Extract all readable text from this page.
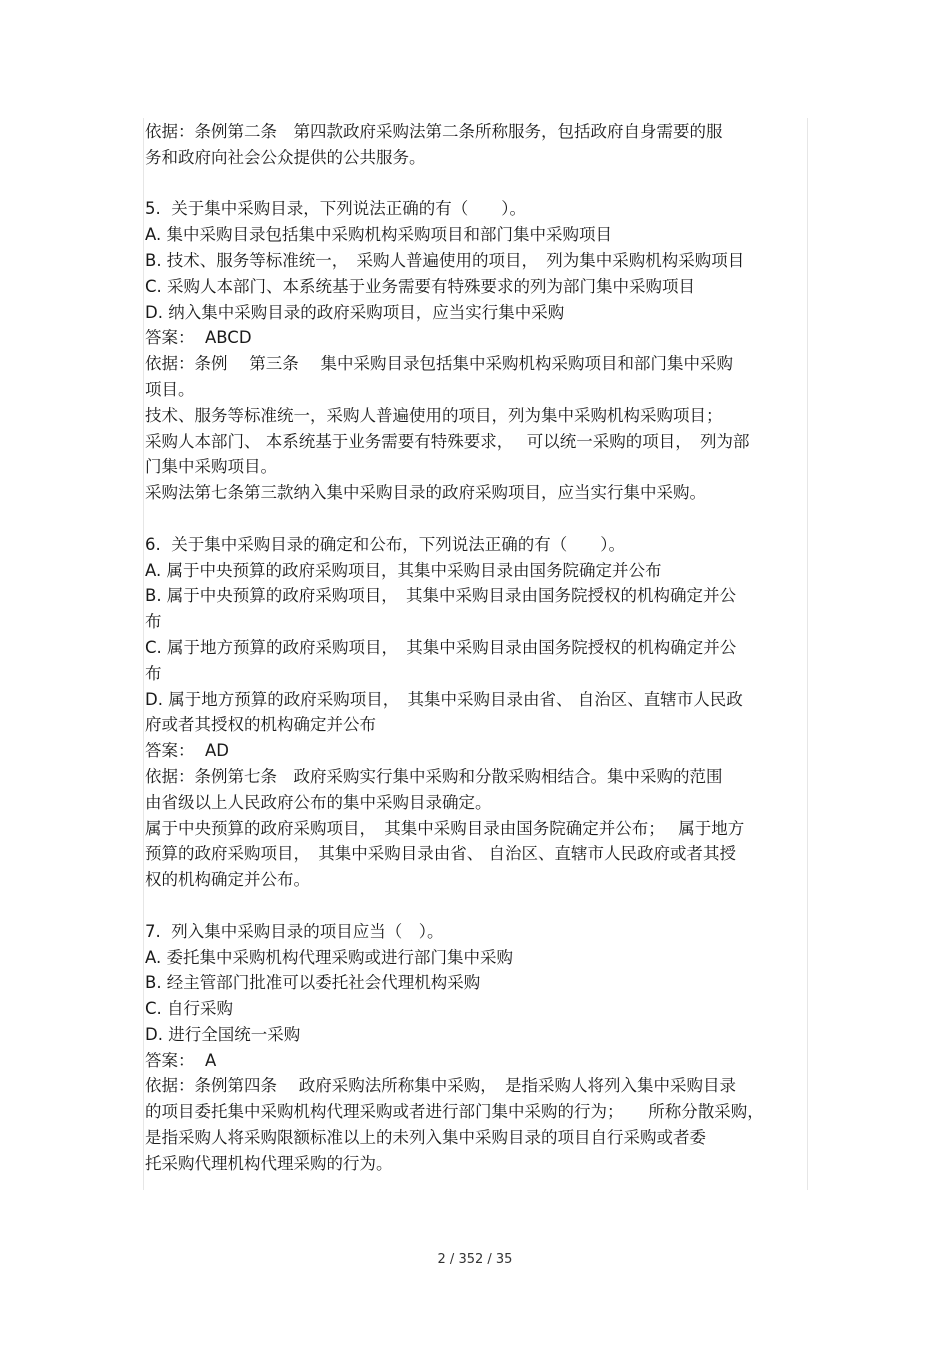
依据：条例第二条　第四款政府采购法第二条所称服务，包括政府自身需要的服
务和政府向社会公众提供的公共服务。
5.  关于集中采购目录，下列说法正确的有（　　）。
A. 集中采购目录包括集中采购机构采购项目和部门集中采购项目
B. 技术、服务等标准统一，　采购人普遍使用的项目，　列为集中采购机构采购项目
C. 采购人本部门、本系统基于业务需要有特殊要求的列为部门集中采购项目
D. 纳入集中采购目录的政府采购项目，应当实行集中采购
答案：  ABCD
依据：条例　 第三条　 集中采购目录包括集中采购机构采购项目和部门集中采购
项目。
技术、服务等标准统一，采购人普遍使用的项目，列为集中采购机构采购项目；
采购人本部门、 本系统基于业务需要有特殊要求，　 可以统一采购的项目，　列为部
门集中采购项目。
采购法第七条第三款纳入集中采购目录的政府采购项目，应当实行集中采购。
6.  关于集中采购目录的确定和公布，下列说法正确的有（　　）。
A. 属于中央预算的政府采购项目，其集中采购目录由国务院确定并公布
B. 属于中央预算的政府采购项目，　其集中采购目录由国务院授权的机构确定并公
布
C. 属于地方预算的政府采购项目，　其集中采购目录由国务院授权的机构确定并公
布
D. 属于地方预算的政府采购项目，　其集中采购目录由省、 自治区、直辖市人民政
府或者其授权的机构确定并公布
答案：  AD
依据：条例第七条　政府采购实行集中采购和分散采购相结合。集中采购的范围
由省级以上人民政府公布的集中采购目录确定。
属于中央预算的政府采购项目，　其集中采购目录由国务院确定并公布；　 属于地方
预算的政府采购项目，　其集中采购目录由省、 自治区、直辖市人民政府或者其授
权的机构确定并公布。
7.  列入集中采购目录的项目应当（　）。
A. 委托集中采购机构代理采购或进行部门集中采购
B. 经主管部门批准可以委托社会代理机构采购
C. 自行采购
D. 进行全国统一采购
答案：  A
依据：条例第四条　 政府采购法所称集中采购，　是指采购人将列入集中采购目录
的项目委托集中采购机构代理采购或者进行部门集中采购的行为；　　所称分散采购，
是指采购人将采购限额标准以上的未列入集中采购目录的项目自行采购或者委
托采购代理机构代理采购的行为。
2 / 352 / 35
